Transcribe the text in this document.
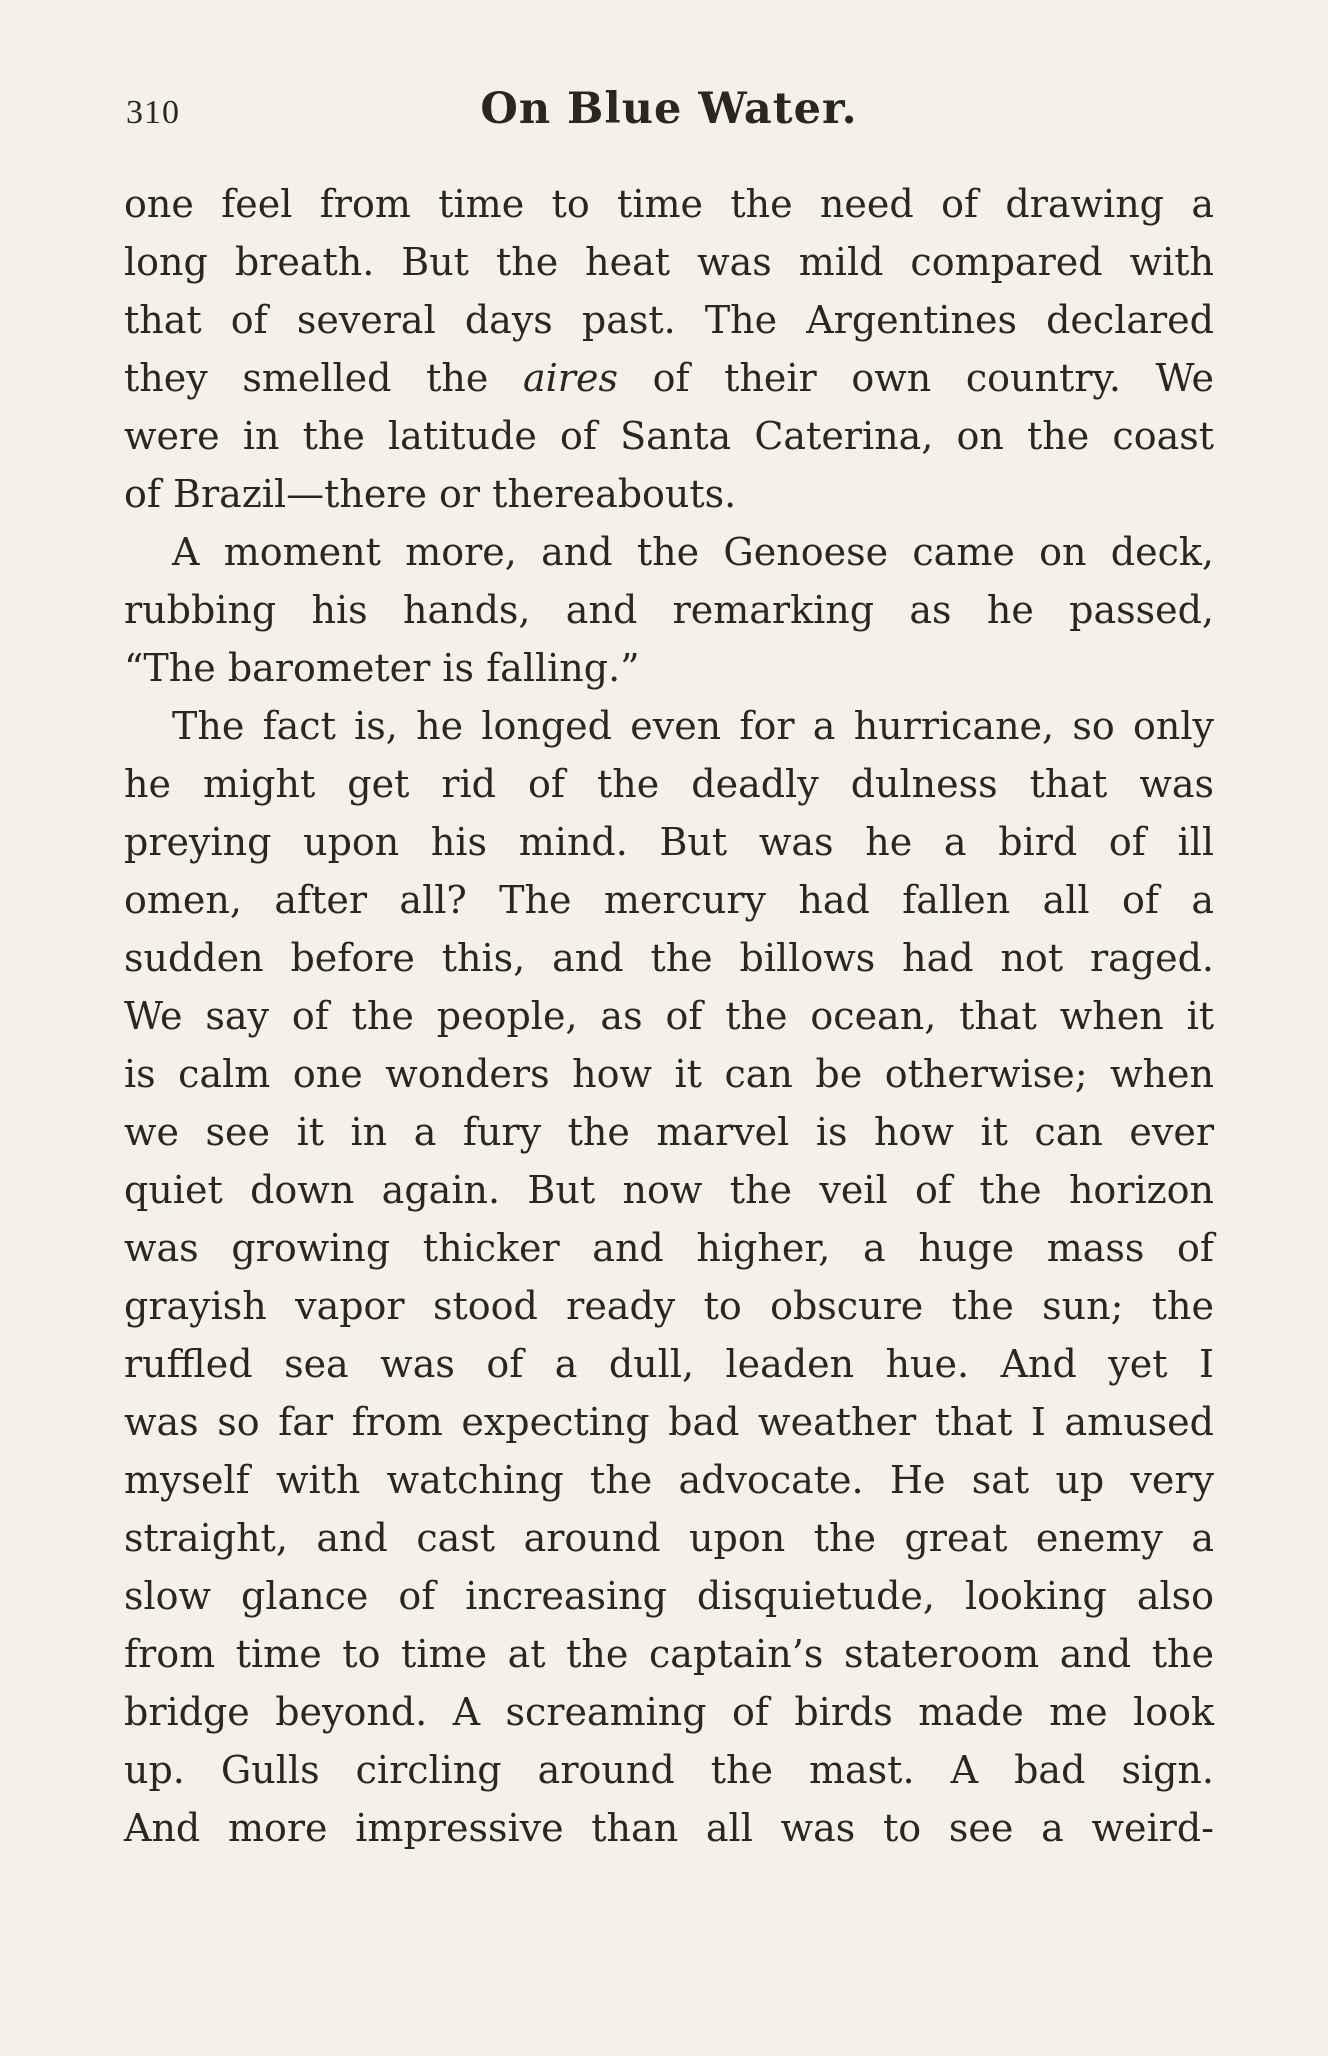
310	On Blue Water.
one feel from time to time the need of drawing a
long breath. But the heat was mild compared with
that of several days past. The Argentines declared
they smelled the aires of their own country. We
were in the latitude of Santa Caterina, on the coast
of Brazil—there or thereabouts.
A moment more, and the Genoese came on deck,
rubbing his hands, and remarking as he passed,
“The barometer is falling.”
The fact is, he longed even for a hurricane, so only
he might get rid of the deadly dulness that was
preying upon his mind. But was he a bird of ill
omen, after all? The mercury had fallen all of a
sudden before this, and the billows had not raged.
We say of the people, as of the ocean, that when it
is calm one wonders how it can be otherwise; when
we see it in a fury the marvel is how it can ever
quiet down again. But now the veil of the horizon
was growing thicker and higher, a huge mass of
grayish vapor stood ready to obscure the sun; the
ruffled sea was of a dull, leaden hue. And yet I
was so far from expecting bad weather that I amused
myself with watching the advocate. He sat up very
straight, and cast around upon the great enemy a
slow glance of increasing disquietude, looking also
from time to time at the captain’s stateroom and the
bridge beyond. A screaming of birds made me look
up. Gulls circling around the mast. A bad sign.
And more impressive than all was to see a weird-
